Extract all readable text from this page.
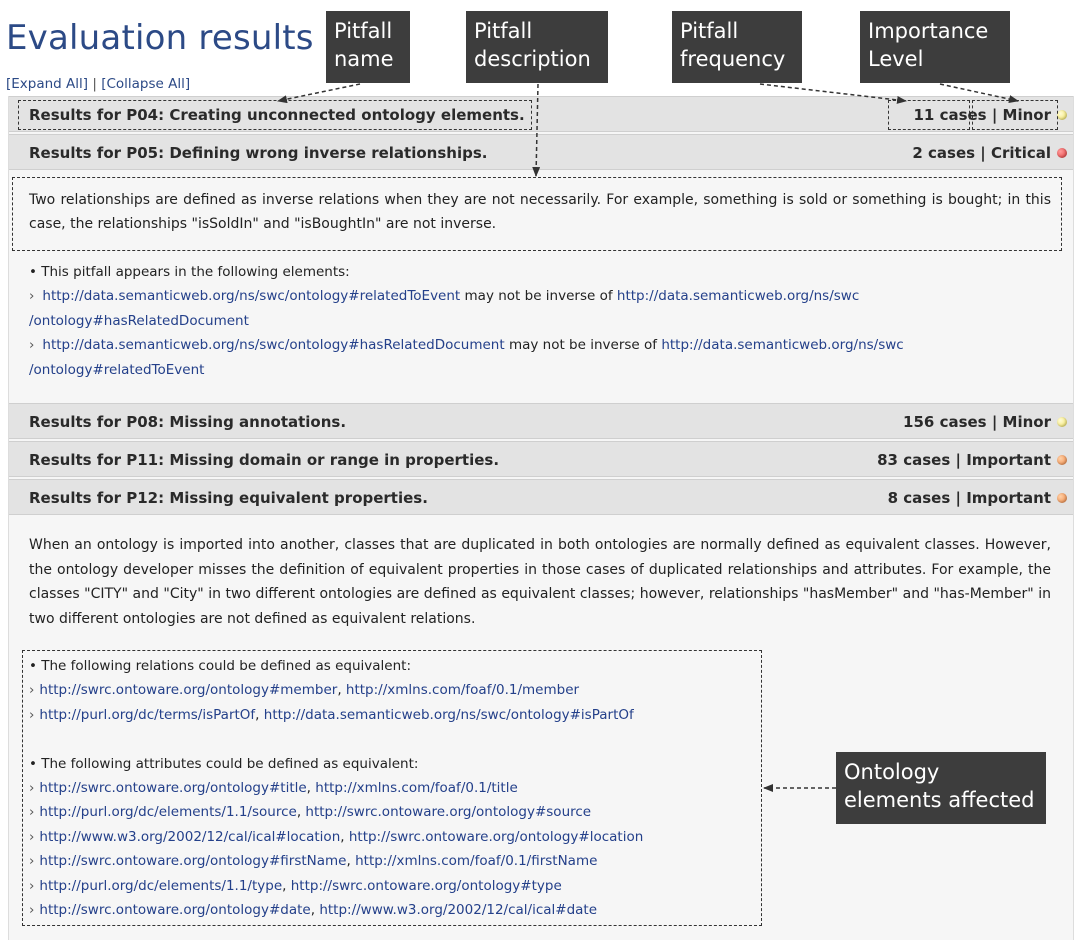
Evaluation results
[Expand All] | [Collapse All]
Results for P04: Creating unconnected ontology elements.	11 cases | Minor
Results for P05: Defining wrong inverse relationships.	2 cases | Critical
Two relationships are defined as inverse relations when they are not necessarily. For example, something is sold or something is bought; in this case, the relationships "isSoldIn" and "isBoughtIn" are not inverse.
• This pitfall appears in the following elements:
› http://data.semanticweb.org/ns/swc/ontology#relatedToEvent may not be inverse of http://data.semanticweb.org/ns/swc
/ontology#hasRelatedDocument
› http://data.semanticweb.org/ns/swc/ontology#hasRelatedDocument may not be inverse of http://data.semanticweb.org/ns/swc
/ontology#relatedToEvent
Results for P08: Missing annotations.	156 cases | Minor
Results for P11: Missing domain or range in properties.	83 cases | Important
Results for P12: Missing equivalent properties.	8 cases | Important
When an ontology is imported into another, classes that are duplicated in both ontologies are normally defined as equivalent classes. However, the ontology developer misses the definition of equivalent properties in those cases of duplicated relationships and attributes. For example, the classes "CITY" and "City" in two different ontologies are defined as equivalent classes; however, relationships "hasMember" and "has-Member" in two different ontologies are not defined as equivalent relations.
• The following relations could be defined as equivalent:
› http://swrc.ontoware.org/ontology#member, http://xmlns.com/foaf/0.1/member
› http://purl.org/dc/terms/isPartOf, http://data.semanticweb.org/ns/swc/ontology#isPartOf
• The following attributes could be defined as equivalent:
› http://swrc.ontoware.org/ontology#title, http://xmlns.com/foaf/0.1/title
› http://purl.org/dc/elements/1.1/source, http://swrc.ontoware.org/ontology#source
› http://www.w3.org/2002/12/cal/ical#location, http://swrc.ontoware.org/ontology#location
› http://swrc.ontoware.org/ontology#firstName, http://xmlns.com/foaf/0.1/firstName
› http://purl.org/dc/elements/1.1/type, http://swrc.ontoware.org/ontology#type
› http://swrc.ontoware.org/ontology#date, http://www.w3.org/2002/12/cal/ical#date
Pitfall
name
Pitfall
description
Pitfall
frequency
Importance
Level
Ontology
elements affected
